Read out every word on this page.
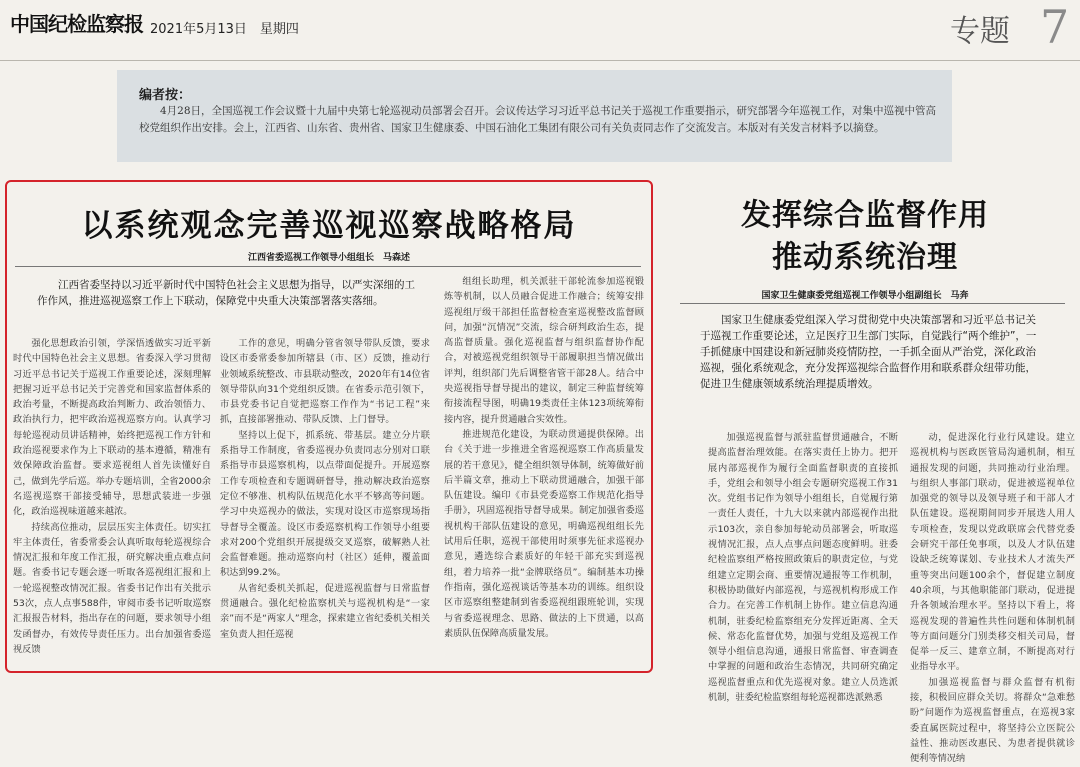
中国纪检监察报 2021年5月13日　星期四	专题 7
编者按：
4月28日，全国巡视工作会议暨十九届中央第七轮巡视动员部署会召开。会议传达学习习近平总书记关于巡视工作重要指示，研究部署今年巡视工作，对集中巡视中管高校党组织作出安排。会上，江西省、山东省、贵州省、国家卫生健康委、中国石油化工集团有限公司有关负责同志作了交流发言。本版对有关发言材料予以摘登。
以系统观念完善巡视巡察战略格局
江西省委巡视工作领导小组组长　马森述
江西省委坚持以习近平新时代中国特色社会主义思想为指导，以严实深细的工作作风，推进巡视巡察工作上下联动，保障党中央重大决策部署落实落细。

强化思想政治引领，学深悟透做实习近平新时代中国特色社会主义思想。省委深入学习贯彻习近平总书记关于巡视工作重要论述，深刻理解把握习近平总书记关于完善党和国家监督体系的政治考量，不断提高政治判断力、政治领悟力、政治执行力，把牢政治巡视巡察方向。认真学习每轮巡视动员讲话精神，始终把巡视工作方针和政治巡视要求作为上下联动的基本遵循，精准有效保障政治监督。要求巡视组人首先读懂好自己，做到先学后巡。举办专题培训，全省2000余名巡视巡察干部接受辅导，思想武装进一步强化，政治巡视味道越来越浓。

持续高位推动，层层压实主体责任。切实扛牢主体责任，省委常委会认真听取每轮巡视综合情况汇报和年度工作汇报，研究解决重点难点问题。省委书记专题会逐一听取各巡视组汇报和上一轮巡视整改情况汇报。省委书记作出有关批示53次，点人点事588件，审阅市委书记听取巡察汇报报告材料，指出存在的问题，要求领导小组发函督办，有效传导责任压力。出台加强省委巡视反馈

工作的意见，明确分管省领导带队反馈，要求设区市委常委参加所辖县（市、区）反馈，推动行业领域系统整改、市县联动整改，2020年有14位省领导带队向31个党组织反馈。在省委示范引领下，市县党委书记自觉把巡察工作作为“书记工程”来抓，直接部署推动、带队反馈、上门督导。

坚持以上促下，抓系统、带基层。建立分片联系指导工作制度，省委巡视办负责同志分别对口联系指导市县巡察机构，以点带面促提升。开展巡察工作专项检查和专题调研督导，推动解决政治巡察定位不够准、机构队伍规范化水平不够高等问题。学习中央巡视办的做法，实现对设区市巡察现场指导督导全覆盖。设区市委巡察机构工作领导小组要求对200个党组织开展提级交叉巡察，破解熟人社会监督难题。推动巡察向村（社区）延伸，覆盖面积达到99.2%。

从省纪委机关抓起，促进巡视监督与日常监督贯通融合。强化纪检监察机关与巡视机构是“一家亲”而不是“两家人”理念，探索建立省纪委机关相关室负责人担任巡视

组组长助理，机关派驻干部轮流参加巡视锻炼等机制，以人员融合促进工作融合；统筹安排巡视组厅级干部担任监督检查室巡视整改监督顾问，加强“沉情况”交流，综合研判政治生态，提高监督质量。强化巡视监督与组织监督协作配合，对被巡视党组织领导干部履职担当情况做出评判，组织部门先后调整省管干部28人。结合中央巡视指导督导提出的建议，制定三种监督统筹衔接流程导图，明确19类责任主体123项统筹衔接内容，提升贯通融合实效性。

推进规范化建设，为联动贯通提供保障。出台《关于进一步推进全省巡视巡察工作高质量发展的若干意见》，健全组织领导体制，统筹做好前后半篇文章，推动上下联动贯通融合，加强干部队伍建设。编印《市县党委巡察工作规范化指导手册》，巩固巡视指导督导成果。制定加强省委巡视机构干部队伍建设的意见，明确巡视组组长先试用后任职，巡视干部使用时须事先征求巡视办意见，遴选综合素质好的年轻干部充实到巡视组，着力培养一批“金牌联络员”。编制基本功操作指南，强化巡视谈话等基本功的训练。组织设区市巡察组整建制到省委巡视组跟班轮训，实现与省委巡视理念、思路、做法的上下贯通，以高素质队伍保障高质量发展。

发挥综合监督作用
推动系统治理
国家卫生健康委党组巡视工作领导小组副组长　马奔
国家卫生健康委党组深入学习贯彻党中央决策部署和习近平总书记关于巡视工作重要论述，立足医疗卫生部门实际，自觉践行“两个维护”，一手抓健康中国建设和新冠肺炎疫情防控，一手抓全面从严治党，深化政治巡视，强化系统观念，充分发挥巡视综合监督作用和联系群众纽带功能，促进卫生健康领域系统治理提质增效。

加强巡视监督与派驻监督贯通融合，不断提高监督治理效能。在落实责任上协力。把开展内部巡视作为履行全面监督职责的直接抓手，党组会和领导小组会专题研究巡视工作31次。党组书记作为领导小组组长，自觉履行第一责任人责任，十九大以来就内部巡视作出批示103次，亲自参加每轮动员部署会，听取巡视情况汇报，点人点事点问题态度鲜明。驻委纪检监察组严格按照政策后的职责定位，与党组建立定期会商、重要情况通报等工作机制，积极协助做好内部巡视，与巡视机构形成工作合力。在完善工作机制上协作。建立信息沟通机制，驻委纪检监察组充分发挥近距离、全天候、常态化监督优势，加强与党组及巡视工作领导小组信息沟通，通报日常监督、审查调查中掌握的问题和政治生态情况，共同研究确定巡视监督重点和优先巡视对象。建立人员选派机制，驻委纪检监察组每轮巡视都选派熟悉

动，促进深化行业行风建设。建立巡视机构与医政医管局沟通机制，相互通报发现的问题，共同推动行业治理。与组织人事部门联动，促进被巡视单位加强党的领导以及领导班子和干部人才队伍建设。巡视期间同步开展选人用人专项检查，发现以党政联席会代替党委会研究干部任免事项，以及人才队伍建设缺乏统筹谋划、专业技术人才流失严重等突出问题100余个，督促建立制度40余项，与其他职能部门联动，促进提升各领域治理水平。坚持以下看上，将巡视发现的普遍性共性问题和体制机制等方面问题分门别类移交相关司局，督促举一反三、建章立制，不断提高对行业指导水平。

加强巡视监督与群众监督有机衔接，积极回应群众关切。将群众“急难愁盼”问题作为巡视监督重点，在巡视3家委直属医院过程中，将坚持公立医院公益性、推动医改惠民、为患者提供就诊便利等情况纳
